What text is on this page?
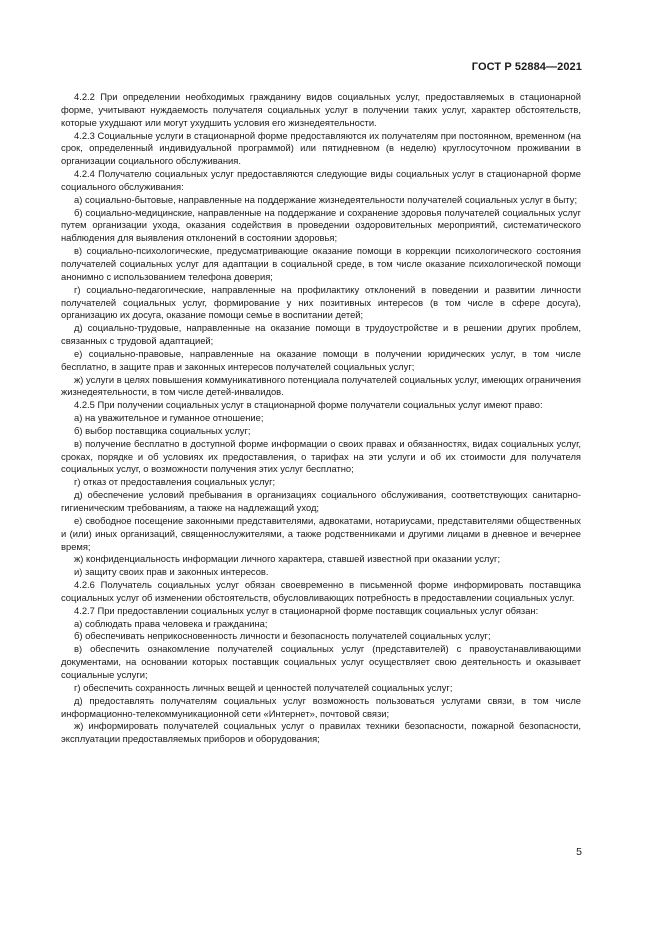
ГОСТ Р 52884—2021

4.2.2 При определении необходимых гражданину видов социальных услуг, предоставляемых в стационарной форме, учитывают нуждаемость получателя социальных услуг в получении таких услуг, характер обстоятельств, которые ухудшают или могут ухудшить условия его жизнедеятельности.

4.2.3 Социальные услуги в стационарной форме предоставляются их получателям при постоянном, временном (на срок, определенный индивидуальной программой) или пятидневном (в неделю) круглосуточном проживании в организации социального обслуживания.

4.2.4 Получателю социальных услуг предоставляются следующие виды социальных услуг в стационарной форме социального обслуживания:

а) социально-бытовые, направленные на поддержание жизнедеятельности получателей социальных услуг в быту;

б) социально-медицинские, направленные на поддержание и сохранение здоровья получателей социальных услуг путем организации ухода, оказания содействия в проведении оздоровительных мероприятий, систематического наблюдения для выявления отклонений в состоянии здоровья;

в) социально-психологические, предусматривающие оказание помощи в коррекции психологического состояния получателей социальных услуг для адаптации в социальной среде, в том числе оказание психологической помощи анонимно с использованием телефона доверия;

г) социально-педагогические, направленные на профилактику отклонений в поведении и развитии личности получателей социальных услуг, формирование у них позитивных интересов (в том числе в сфере досуга), организацию их досуга, оказание помощи семье в воспитании детей;

д) социально-трудовые, направленные на оказание помощи в трудоустройстве и в решении других проблем, связанных с трудовой адаптацией;

е) социально-правовые, направленные на оказание помощи в получении юридических услуг, в том числе бесплатно, в защите прав и законных интересов получателей социальных услуг;

ж) услуги в целях повышения коммуникативного потенциала получателей социальных услуг, имеющих ограничения жизнедеятельности, в том числе детей-инвалидов.

4.2.5 При получении социальных услуг в стационарной форме получатели социальных услуг имеют право:

а) на уважительное и гуманное отношение;

б) выбор поставщика социальных услуг;

в) получение бесплатно в доступной форме информации о своих правах и обязанностях, видах социальных услуг, сроках, порядке и об условиях их предоставления, о тарифах на эти услуги и об их стоимости для получателя социальных услуг, о возможности получения этих услуг бесплатно;

г) отказ от предоставления социальных услуг;

д) обеспечение условий пребывания в организациях социального обслуживания, соответствующих санитарно-гигиеническим требованиям, а также на надлежащий уход;

е) свободное посещение законными представителями, адвокатами, нотариусами, представителями общественных и (или) иных организаций, священнослужителями, а также родственниками и другими лицами в дневное и вечернее время;

ж) конфиденциальность информации личного характера, ставшей известной при оказании услуг;

и) защиту своих прав и законных интересов.

4.2.6 Получатель социальных услуг обязан своевременно в письменной форме информировать поставщика социальных услуг об изменении обстоятельств, обусловливающих потребность в предоставлении социальных услуг.

4.2.7 При предоставлении социальных услуг в стационарной форме поставщик социальных услуг обязан:

а) соблюдать права человека и гражданина;

б) обеспечивать неприкосновенность личности и безопасность получателей социальных услуг;

в) обеспечить ознакомление получателей социальных услуг (представителей) с правоустанавливающими документами, на основании которых поставщик социальных услуг осуществляет свою деятельность и оказывает социальные услуги;

г) обеспечить сохранность личных вещей и ценностей получателей социальных услуг;

д) предоставлять получателям социальных услуг возможность пользоваться услугами связи, в том числе информационно-телекоммуникационной сети «Интернет», почтовой связи;

ж) информировать получателей социальных услуг о правилах техники безопасности, пожарной безопасности, эксплуатации предоставляемых приборов и оборудования;

5
